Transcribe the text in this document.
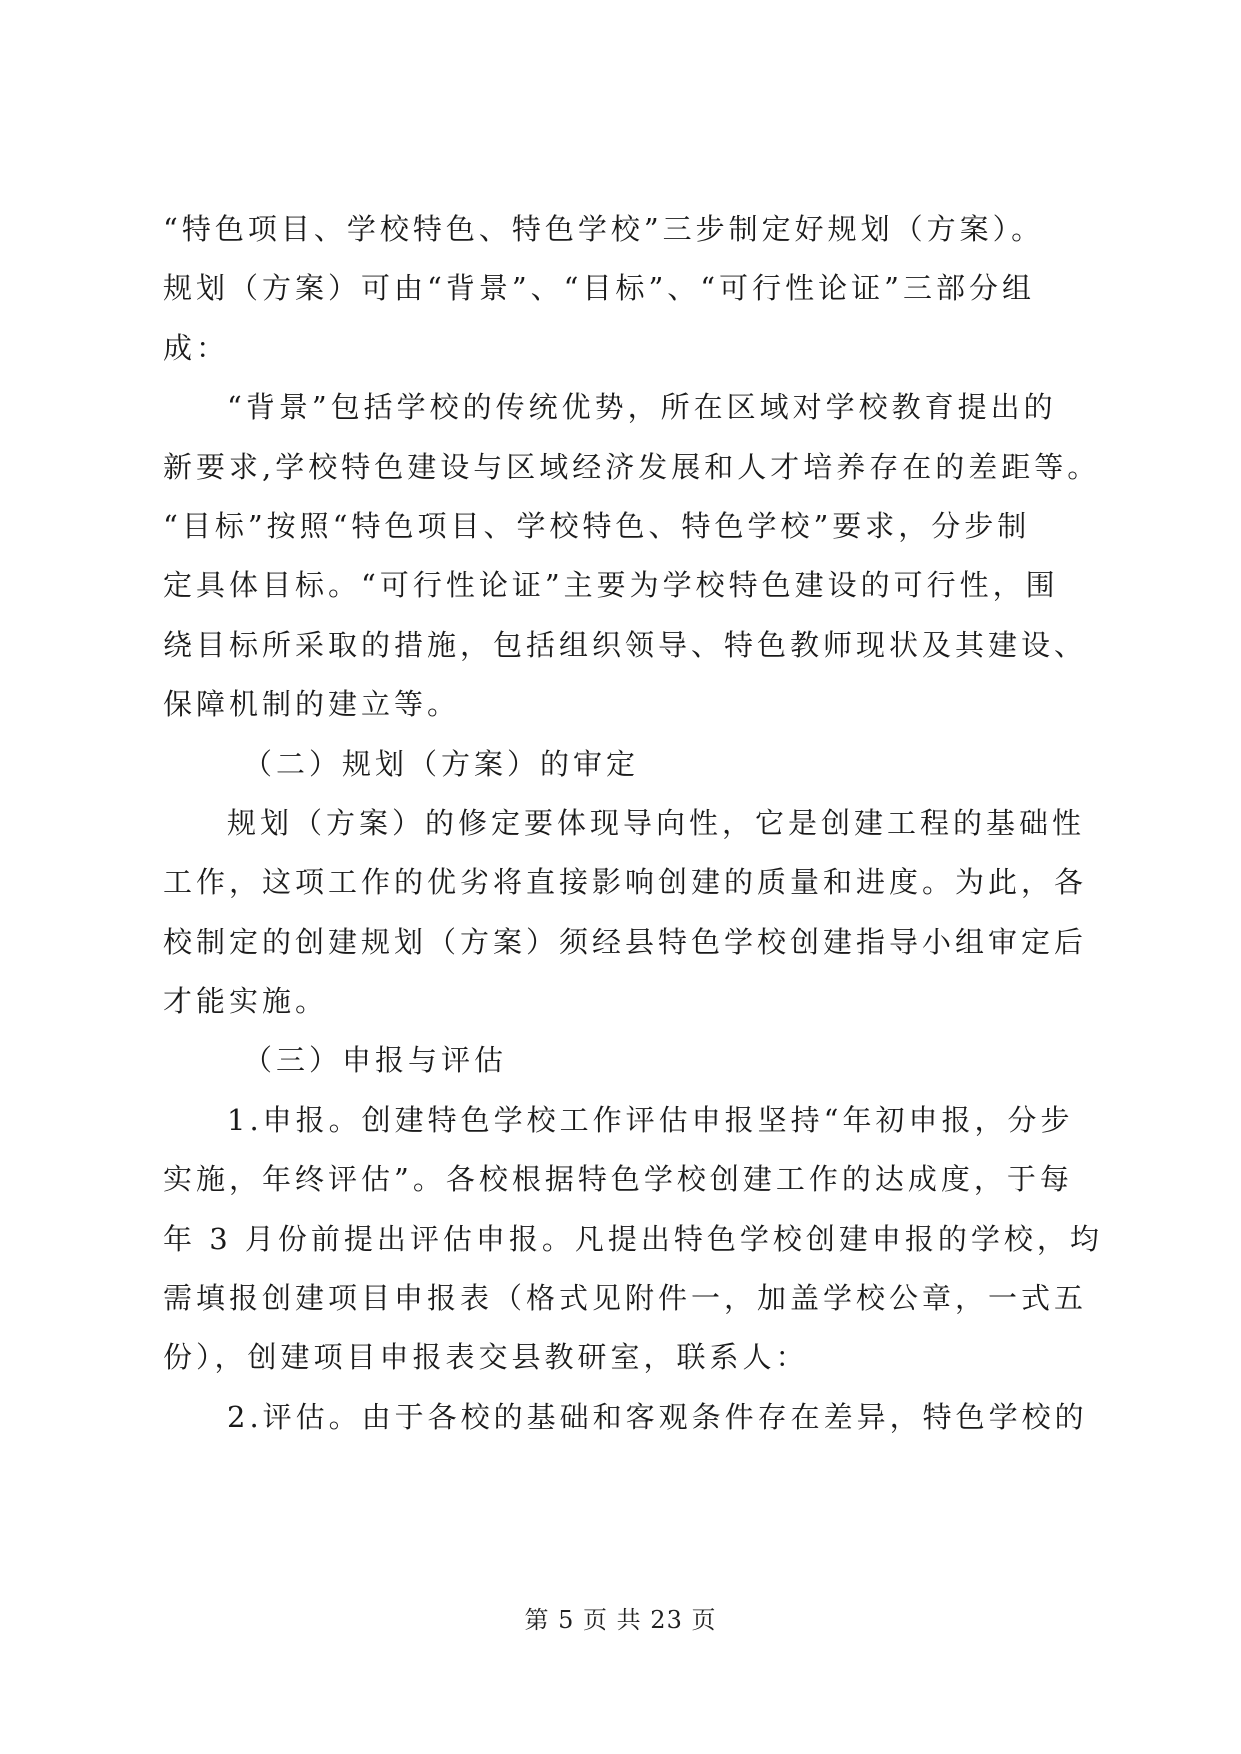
“特色项目、学校特色、特色学校”三步制定好规划（方案）。
规划（方案）可由“背景”、“目标”、“可行性论证”三部分组
成：
“背景”包括学校的传统优势，所在区域对学校教育提出的
新要求,学校特色建设与区域经济发展和人才培养存在的差距等。
“目标”按照“特色项目、学校特色、特色学校”要求，分步制
定具体目标。“可行性论证”主要为学校特色建设的可行性，围
绕目标所采取的措施，包括组织领导、特色教师现状及其建设、
保障机制的建立等。
（二）规划（方案）的审定
规划（方案）的修定要体现导向性，它是创建工程的基础性
工作，这项工作的优劣将直接影响创建的质量和进度。为此，各
校制定的创建规划（方案）须经县特色学校创建指导小组审定后
才能实施。
（三）申报与评估
1.申报。创建特色学校工作评估申报坚持“年初申报，分步
实施，年终评估”。各校根据特色学校创建工作的达成度，于每
年 3 月份前提出评估申报。凡提出特色学校创建申报的学校，均
需填报创建项目申报表（格式见附件一，加盖学校公章，一式五
份），创建项目申报表交县教研室，联系人：
2.评估。由于各校的基础和客观条件存在差异，特色学校的
第 5 页 共 23 页
